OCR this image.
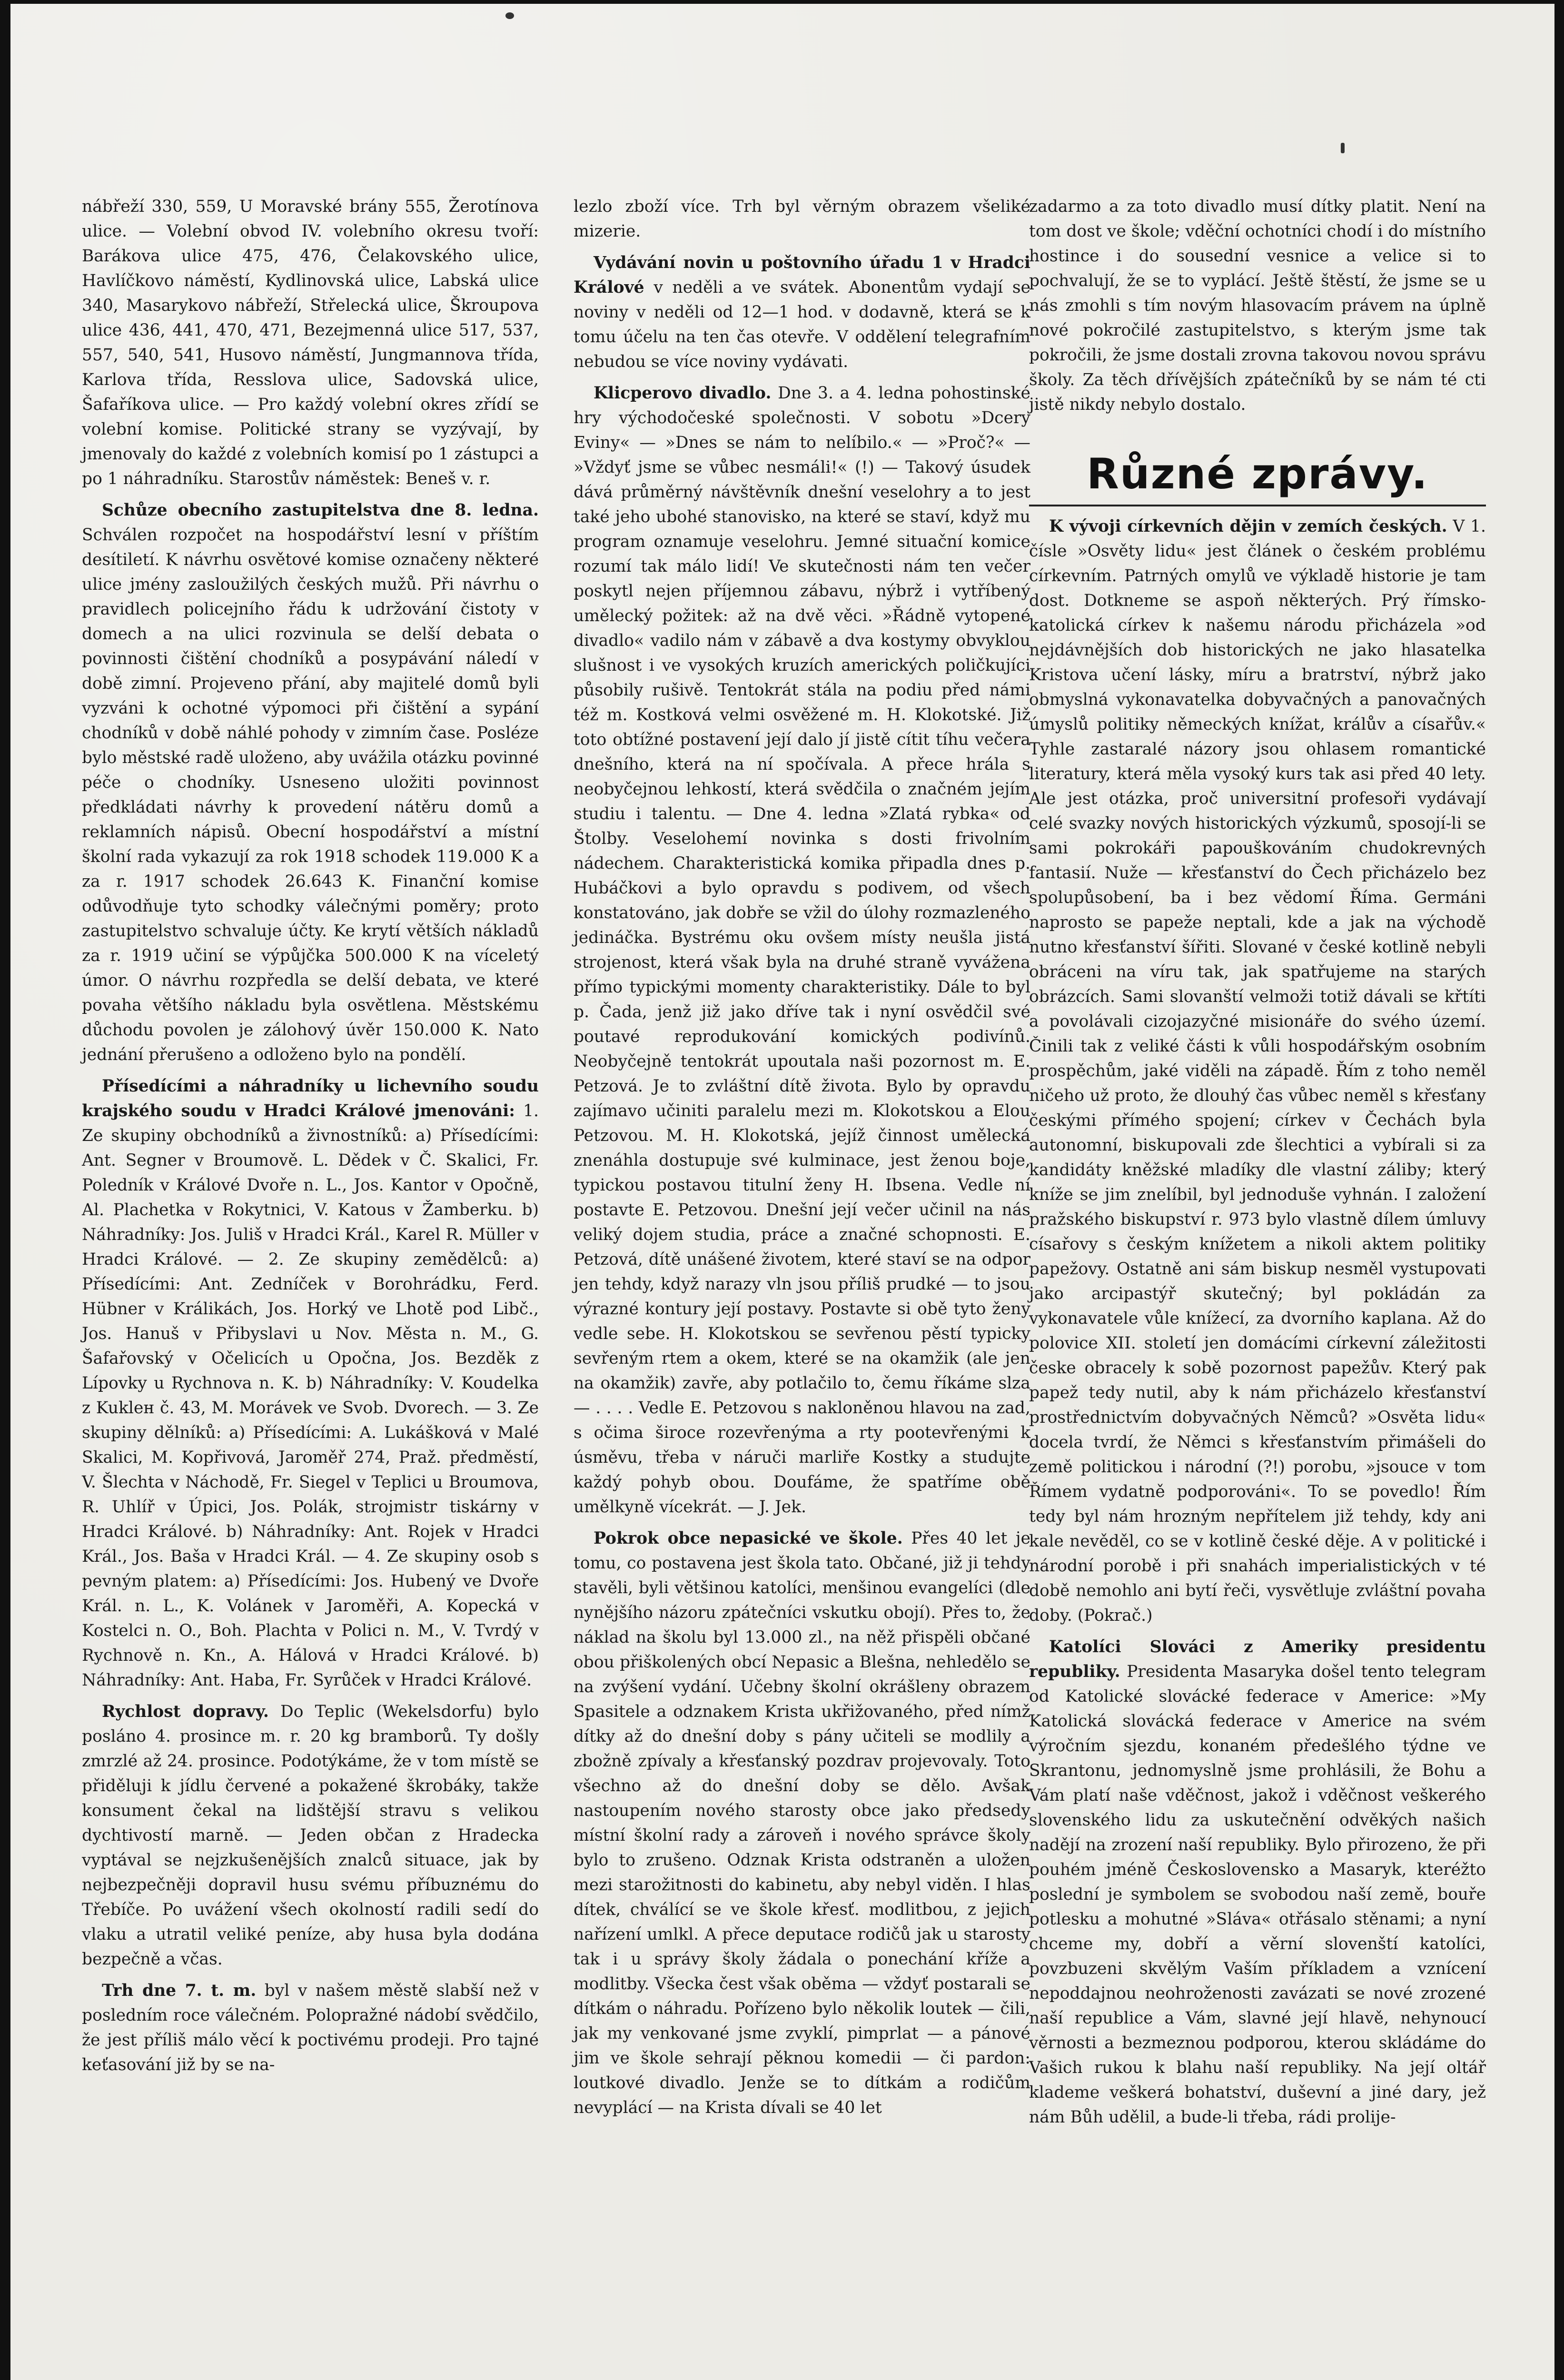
nábřeží 330, 559, U Moravské brány 555, Žerotínova ulice. — Volební obvod IV. volebního okresu tvoří: Barákova ulice 475, 476, Čelakovského ulice, Havlíčkovo náměstí, Kydlinovská ulice, Labská ulice 340, Masarykovo nábřeží, Střelecká ulice, Škroupova ulice 436, 441, 470, 471, Bezejmenná ulice 517, 537, 557, 540, 541, Husovo náměstí, Jungmannova třída, Karlova třída, Resslova ulice, Sadovská ulice, Šafaříkova ulice. — Pro každý volební okres zřídí se volební komise. Politické strany se vyzývají, by jmenovaly do každé z volebních komisí po 1 zástupci a po 1 náhradníku. Starostův náměstek: Beneš v. r.

Schůze obecního zastupitelstva dne 8. ledna. Schválen rozpočet na hospodářství lesní v příštím desítiletí. K návrhu osvětové komise označeny některé ulice jmény zasloužilých českých mužů. Při návrhu o pravidlech policejního řádu k udržování čistoty v domech a na ulici rozvinula se delší debata o povinnosti čištění chodníků a posypávání náledí v době zimní. Projeveno přání, aby majitelé domů byli vyzváni k ochotné výpomoci při čištění a sypání chodníků v době náhlé pohody v zimním čase. Posléze bylo městské radě uloženo, aby uvážila otázku povinné péče o chodníky. Usneseno uložiti povinnost předkládati návrhy k provedení nátěru domů a reklamních nápisů. Obecní hospodářství a místní školní rada vykazují za rok 1918 schodek 119.000 K a za r. 1917 schodek 26.643 K. Finanční komise odůvodňuje tyto schodky válečnými poměry; proto zastupitelstvo schvaluje účty. Ke krytí větších nákladů za r. 1919 učiní se výpůjčka 500.000 K na víceletý úmor. O návrhu rozpředla se delší debata, ve které povaha většího nákladu byla osvětlena. Městskému důchodu povolen je zálohový úvěr 150.000 K. Nato jednání přerušeno a odloženo bylo na pondělí.

Přísedícími a náhradníky u lichevního soudu krajského soudu v Hradci Králové jmenováni: 1. Ze skupiny obchodníků a živnostníků: a) Přísedícími: Ant. Segner v Broumově. L. Dědek v Č. Skalici, Fr. Poledník v Králové Dvoře n. L., Jos. Kantor v Opočně, Al. Plachetka v Rokytnici, V. Katous v Žamberku. b) Náhradníky: Jos. Juliš v Hradci Král., Karel R. Müller v Hradci Králové. — 2. Ze skupiny zemědělců: a) Přísedícími: Ant. Zedníček v Borohrádku, Ferd. Hübner v Králikách, Jos. Horký ve Lhotě pod Libč., Jos. Hanuš v Přibyslavi u Nov. Města n. M., G. Šafařovský v Očelicích u Opočna, Jos. Bezděk z Lípovky u Rychnova n. K. b) Náhradníky: V. Koudelka z Kukleн č. 43, M. Morávek ve Svob. Dvorech. — 3. Ze skupiny dělníků: a) Přísedícími: A. Lukášková v Malé Skalici, M. Kopřivová, Jaroměř 274, Praž. předměstí, V. Šlechta v Náchodě, Fr. Siegel v Teplici u Broumova, R. Uhlíř v Úpici, Jos. Polák, strojmistr tiskárny v Hradci Králové. b) Náhradníky: Ant. Rojek v Hradci Král., Jos. Baša v Hradci Král. — 4. Ze skupiny osob s pevným platem: a) Přísedícími: Jos. Hubený ve Dvoře Král. n. L., K. Volánek v Jaroměři, A. Kopecká v Kostelci n. O., Boh. Plachta v Polici n. M., V. Tvrdý v Rychnově n. Kn., A. Hálová v Hradci Králové. b) Náhradníky: Ant. Haba, Fr. Syrůček v Hradci Králové.

Rychlost dopravy. Do Teplic (Wekelsdorfu) bylo posláno 4. prosince m. r. 20 kg bramborů. Ty došly zmrzlé až 24. prosince. Podotýkáme, že v tom místě se přiděluji k jídlu červené a pokažené škrobáky, takže konsument čekal na lidštější stravu s velikou dychtivostí marně. — Jeden občan z Hradecka vyptával se nejzkušenějších znalců situace, jak by nejbezpečněji dopravil husu svému příbuznému do Třebíče. Po uvážení všech okolností radili sedí do vlaku a utratil veliké peníze, aby husa byla dodána bezpečně a včas.

Trh dne 7. t. m. byl v našem městě slabší než v posledním roce válečném. Polopražné nádobí svědčilo, že jest příliš málo věcí k poctivému prodeji. Pro tajné keťasování již by se na-

lezlo zboží více. Trh byl věrným obrazem všeliké mizerie.

Vydávání novin u poštovního úřadu 1 v Hradci Králové v neděli a ve svátek. Abonentům vydají se noviny v neděli od 12—1 hod. v dodavně, která se k tomu účelu na ten čas otevře. V oddělení telegrafním nebudou se více noviny vydávati.

Klicperovo divadlo. Dne 3. a 4. ledna pohostinské hry východočeské společnosti. V sobotu »Dcery Eviny« — »Dnes se nám to nelíbilo.« — »Proč?« — »Vždyť jsme se vůbec nesmáli!« (!) — Takový úsudek dává průměrný návštěvník dnešní veselohry a to jest také jeho ubohé stanovisko, na které se staví, když mu program oznamuje veselohru. Jemné situační komice rozumí tak málo lidí! Ve skutečnosti nám ten večer poskytl nejen příjemnou zábavu, nýbrž i vytříbený umělecký požitek: až na dvě věci. »Řádně vytopené divadlo« vadilo nám v zábavě a dva kostymy obvyklou slušnost i ve vysokých kruzích amerických poličkujíci působily rušivě. Tentokrát stála na podiu před námi též m. Kostková velmi osvěžené m. H. Klokotské. Již toto obtížné postavení její dalo jí jistě cítit tíhu večera dnešního, která na ní spočívala. A přece hrála s neobyčejnou lehkostí, která svědčila o značném jejím studiu i talentu. — Dne 4. ledna »Zlatá rybka« od Štolby. Veselohemí novinka s dosti frivolním nádechem. Charakteristická komika připadla dnes p. Hubáčkovi a bylo opravdu s podivem, od všech konstatováno, jak dobře se vžil do úlohy rozmazleného jedináčka. Bystrému oku ovšem místy neušla jistá strojenost, která však byla na druhé straně vyvážena přímo typickými momenty charakteristiky. Dále to byl p. Čada, jenž již jako dříve tak i nyní osvědčil své poutavé reprodukování komických podivínů. Neobyčejně tentokrát upoutala naši pozornost m. E. Petzová. Je to zvláštní dítě života. Bylo by opravdu zajímavo učiniti paralelu mezi m. Klokotskou a Elou Petzovou. M. H. Klokotská, jejíž činnost umělecká znenáhla dostupuje své kulminace, jest ženou boje, typickou postavou titulní ženy H. Ibsena. Vedle ní postavte E. Petzovou. Dnešní její večer učinil na nás veliký dojem studia, práce a značné schopnosti. E. Petzová, dítě unášené životem, které staví se na odpor jen tehdy, když narazy vln jsou příliš prudké — to jsou výrazné kontury její postavy. Postavte si obě tyto ženy vedle sebe. H. Klokotskou se sevřenou pěstí typicky sevřeným rtem a okem, které se na okamžik (ale jen na okamžik) zavře, aby potlačilo to, čemu říkáme slza — . . . . Vedle E. Petzovou s nakloněnou hlavou na zad, s očima široce rozevřenýma a rty pootevřenými k úsměvu, třeba v náruči marliře Kostky a studujte každý pohyb obou. Doufáme, že spatříme obě umělkyně vícekrát. — J. Jek.

Pokrok obce nepasické ve škole. Přes 40 let je tomu, co postavena jest škola tato. Občané, již ji tehdy stavěli, byli většinou katolíci, menšinou evangelíci (dle nynějšího názoru zpátečníci vskutku obojí). Přes to, že náklad na školu byl 13.000 zl., na něž přispěli občané obou přiškolených obcí Nepasic a Blešna, nehledělo se na zvýšení vydání. Učebny školní okrášleny obrazem Spasitele a odznakem Krista ukřižovaného, před nímž dítky až do dnešní doby s pány učiteli se modlily a zbožně zpívaly a křesťanský pozdrav projevovaly. Toto všechno až do dnešní doby se dělo. Avšak nastoupením nového starosty obce jako předsedy místní školní rady a zároveň i nového správce školy bylo to zrušeno. Odznak Krista odstraněn a uložen mezi starožitnosti do kabinetu, aby nebyl viděn. I hlas dítek, chválící se ve škole křesť. modlitbou, z jejich nařízení umlkl. A přece deputace rodičů jak u starosty tak i u správy školy žádala o ponechání kříže a modlitby. Všecka čest však oběma — vždyť postarali se dítkám o náhradu. Pořízeno bylo několik loutek — čili, jak my venkované jsme zvyklí, pimprlat — a pánové jim ve škole sehrají pěknou komedii — či pardon: loutkové divadlo. Jenže se to dítkám a rodičům nevyplácí — na Krista dívali se 40 let

zadarmo a za toto divadlo musí dítky platit. Není na tom dost ve škole; vděční ochotníci chodí i do místního hostince i do sousední vesnice a velice si to pochvalují, že se to vyplácí. Ještě štěstí, že jsme se u nás zmohli s tím novým hlasovacím právem na úplně nové pokročilé zastupitelstvo, s kterým jsme tak pokročili, že jsme dostali zrovna takovou novou správu školy. Za těch dřívějších zpátečníků by se nám té cti jistě nikdy nebylo dostalo.

Různé zprávy.

K vývoji církevních dějin v zemích českých. V 1. čísle »Osvěty lidu« jest článek o českém problému církevním. Patrných omylů ve výkladě historie je tam dost. Dotkneme se aspoň některých. Prý římsko-katolická církev k našemu národu přicházela »od nejdávnějších dob historických ne jako hlasatelka Kristova učení lásky, míru a bratrství, nýbrž jako obmyslná vykonavatelka dobyvačných a panovačných úmyslů politiky německých knížat, králův a císařův.« Tyhle zastaralé názory jsou ohlasem romantické literatury, která měla vysoký kurs tak asi před 40 lety. Ale jest otázka, proč universitní profesoři vydávají celé svazky nových historických výzkumů, sposojí-li se sami pokrokáři papouškováním chudokrevných fantasií. Nuže — křesťanství do Čech přicházelo bez spolupůsobení, ba i bez vědomí Říma. Germáni naprosto se papeže neptali, kde a jak na východě nutno křesťanství šířiti. Slované v české kotlině nebyli obráceni na víru tak, jak spatřujeme na starých obrázcích. Sami slovanští velmoži totiž dávali se křtíti a povolávali cizojazyčné misionáře do svého území. Činili tak z veliké části k vůli hospodářským osobním prospěchům, jaké viděli na západě. Řím z toho neměl ničeho už proto, že dlouhý čas vůbec neměl s křesťany českými přímého spojení; církev v Čechách byla autonomní, biskupovali zde šlechtici a vybírali si za kandidáty kněžské mladíky dle vlastní záliby; který kníže se jim znelíbil, byl jednoduše vyhnán. I založení pražského biskupství r. 973 bylo vlastně dílem úmluvy císařovy s českým knížetem a nikoli aktem politiky papežovy. Ostatně ani sám biskup nesměl vystupovati jako arcipastýř skutečný; byl pokládán za vykonavatele vůle knížecí, za dvorního kaplana. Až do polovice XII. století jen domácími církevní záležitosti česke obracely k sobě pozornost papežův. Který pak papež tedy nutil, aby k nám přicházelo křesťanství prostřednictvím dobyvačných Němců? »Osvěta lidu« docela tvrdí, že Němci s křesťanstvím přimášeli do země politickou i národní (?!) porobu, »jsouce v tom Římem vydatně podporováni«. To se povedlo! Řím tedy byl nám hrozným nepřítelem již tehdy, kdy ani kale nevěděl, co se v kotlině české děje. A v politické i národní porobě i při snahách imperialistických v té době nemohlo ani bytí řeči, vysvětluje zvláštní povaha doby. (Pokrač.)

Katolíci Slováci z Ameriky presidentu republiky. Presidenta Masaryka došel tento telegram od Katolické slovácké federace v Americe: »My Katolická slovácká federace v Americe na svém výročním sjezdu, konaném předešlého týdne ve Skrantonu, jednomyslně jsme prohlásili, že Bohu a Vám platí naše vděčnost, jakož i vděčnost veškerého slovenského lidu za uskutečnění odvěkých našich nadějí na zrození naší republiky. Bylo přirozeno, že při pouhém jméně Československo a Masaryk, kteréžto poslední je symbolem se svobodou naší země, bouře potlesku a mohutné »Sláva« otřásalo stěnami; a nyní chceme my, dobří a věrní slovenští katolíci, povzbuzeni skvělým Vaším příkladem a vznícení nepoddajnou neohroženosti zavázati se nové zrozené naší republice a Vám, slavné její hlavě, nehynoucí věrnosti a bezmeznou podporou, kterou skládáme do Vašich rukou k blahu naší republiky. Na její oltář klademe veškerá bohatství, duševní a jiné dary, jež nám Bůh udělil, a bude-li třeba, rádi prolije-
